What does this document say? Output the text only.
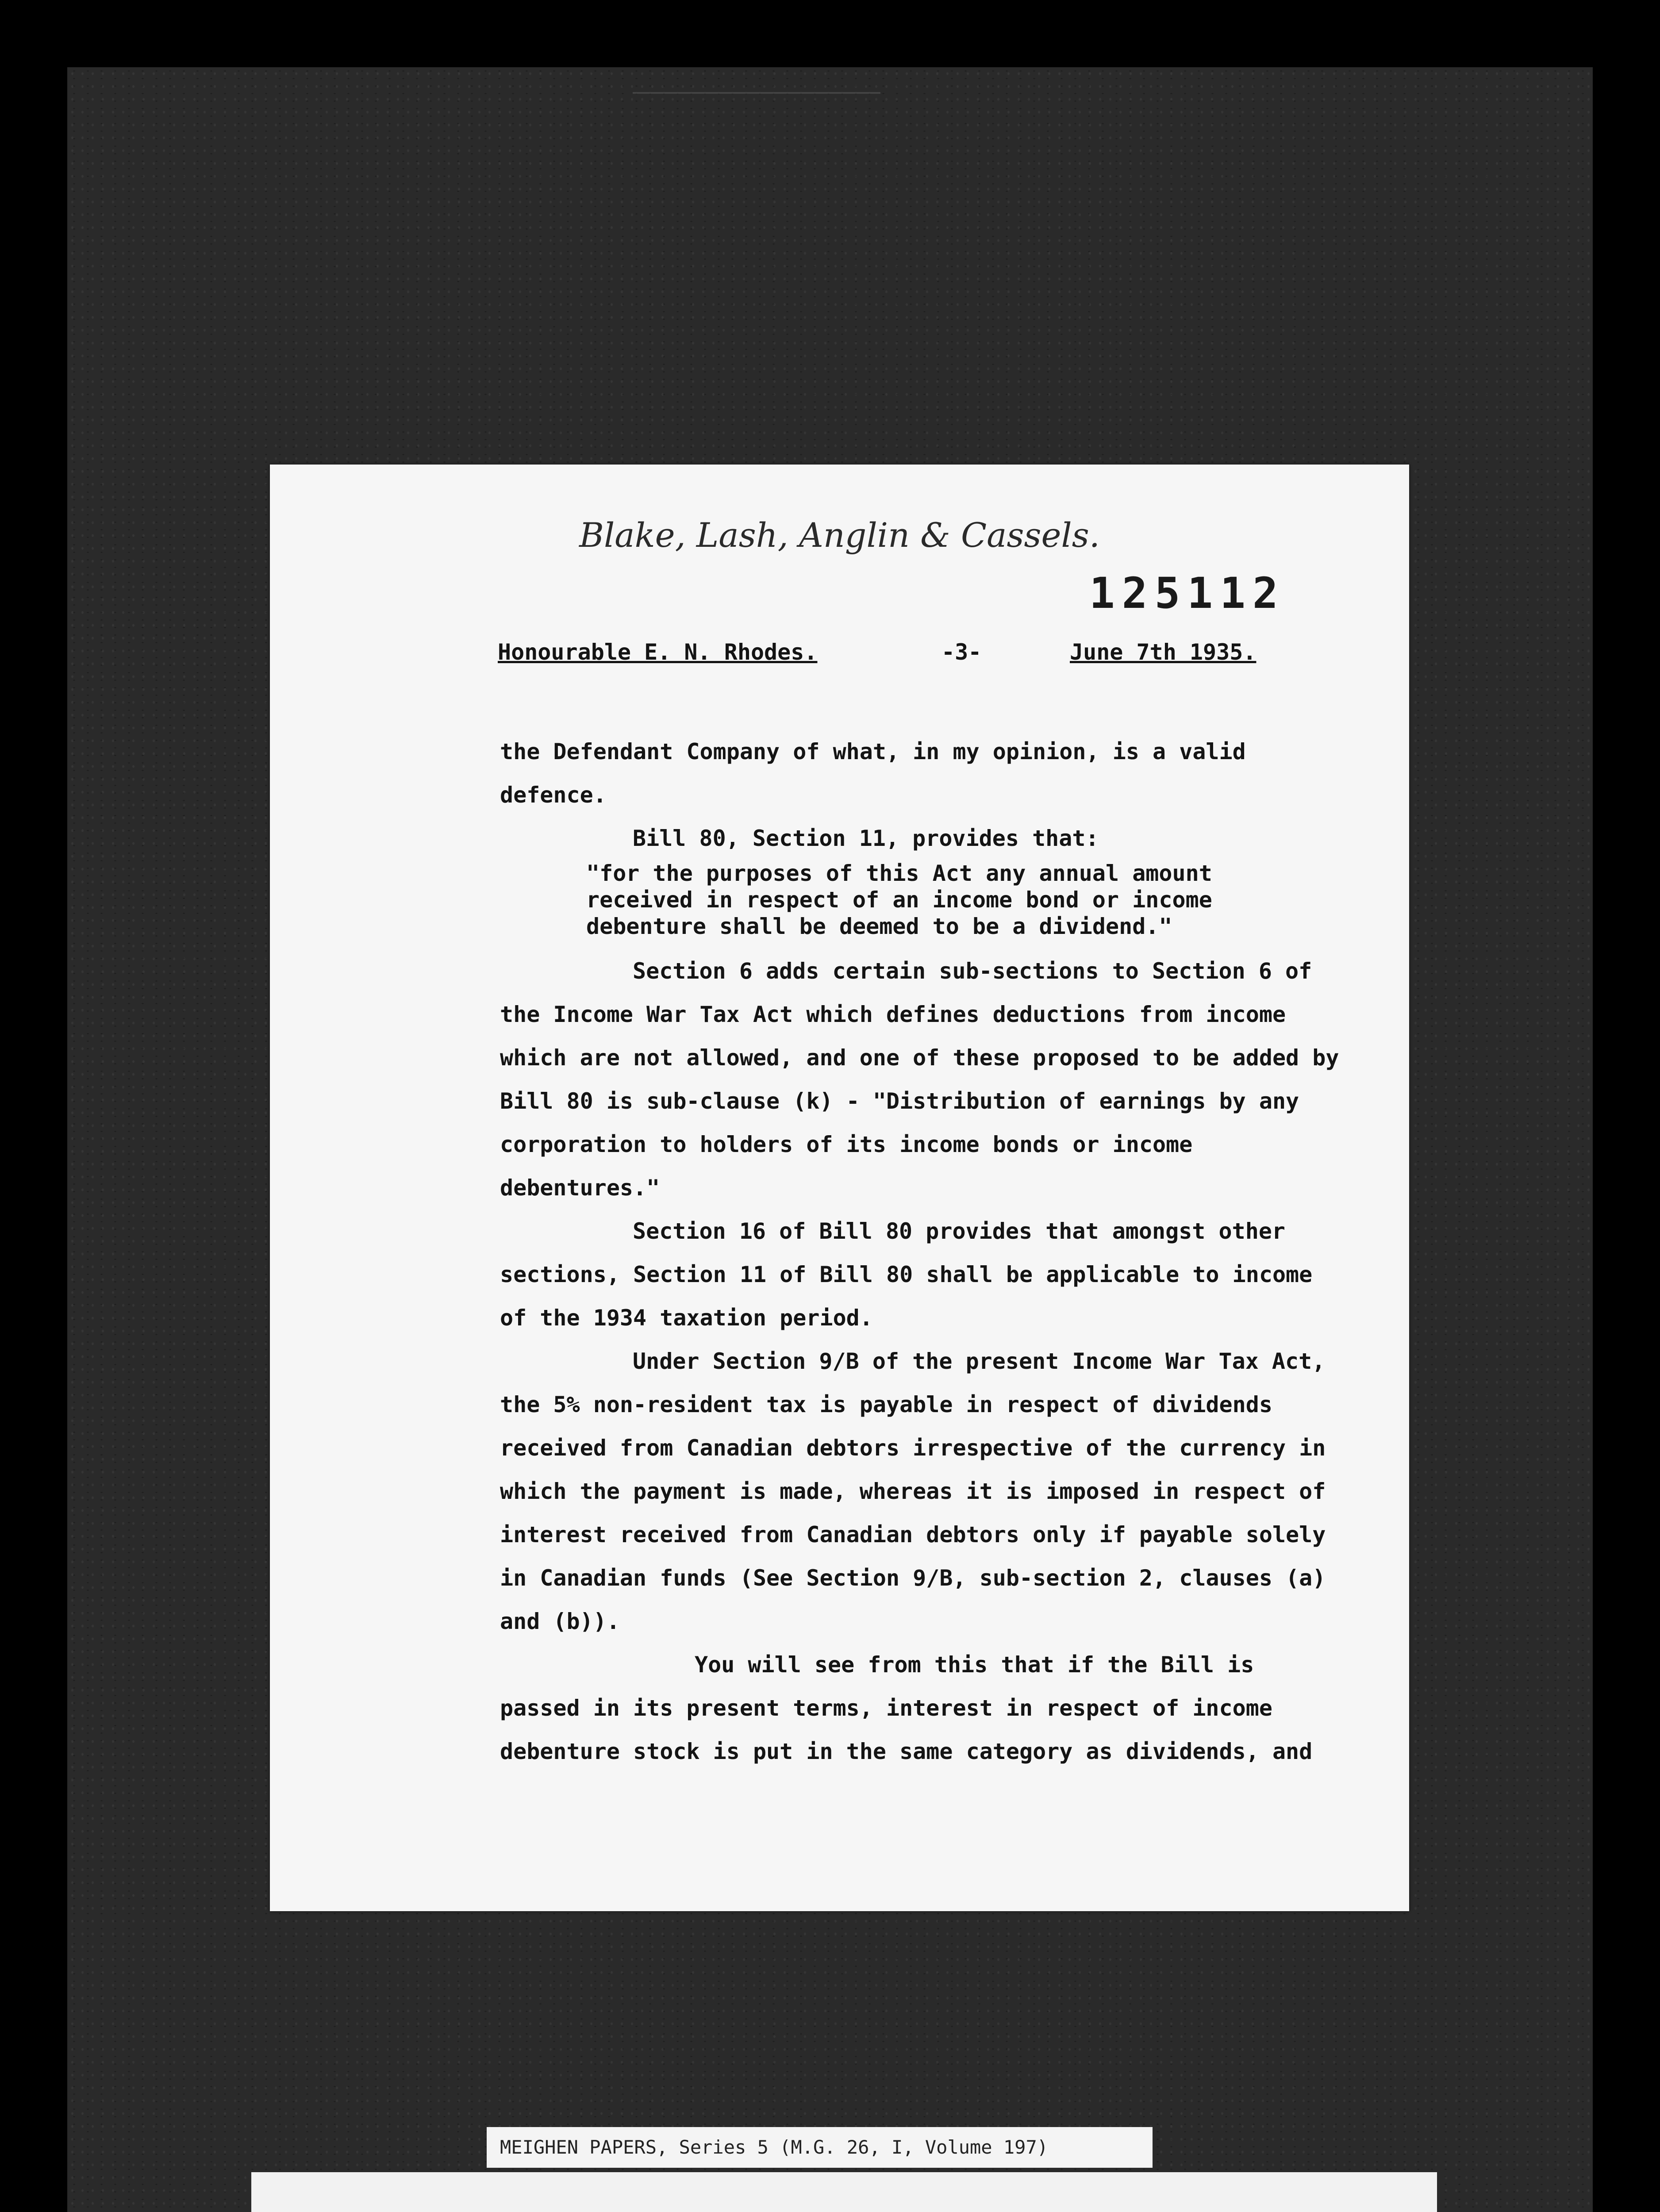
Blake, Lash, Anglin & Cassels.
125112
Honourable E. N. Rhodes.	-3-	June 7th 1935.

the Defendant Company of what, in my opinion, is a valid defence.

Bill 80, Section 11, provides that:

"for the purposes of this Act any annual amount received in respect of an income bond or income debenture shall be deemed to be a dividend."

Section 6 adds certain sub-sections to Section 6 of the Income War Tax Act which defines deductions from income which are not allowed, and one of these proposed to be added by Bill 80 is sub-clause (k) - "Distribution of earnings by any corporation to holders of its income bonds or income debentures."

Section 16 of Bill 80 provides that amongst other sections, Section 11 of Bill 80 shall be applicable to income of the 1934 taxation period.

Under Section 9/B of the present Income War Tax Act, the 5% non-resident tax is payable in respect of dividends received from Canadian debtors irrespective of the currency in which the payment is made, whereas it is imposed in respect of interest received from Canadian debtors only if payable solely in Canadian funds (See Section 9/B, sub-section 2, clauses (a) and (b)).

You will see from this that if the Bill is passed in its present terms, interest in respect of income debenture stock is put in the same category as dividends, and

MEIGHEN PAPERS, Series 5 (M.G. 26, I, Volume 197)
